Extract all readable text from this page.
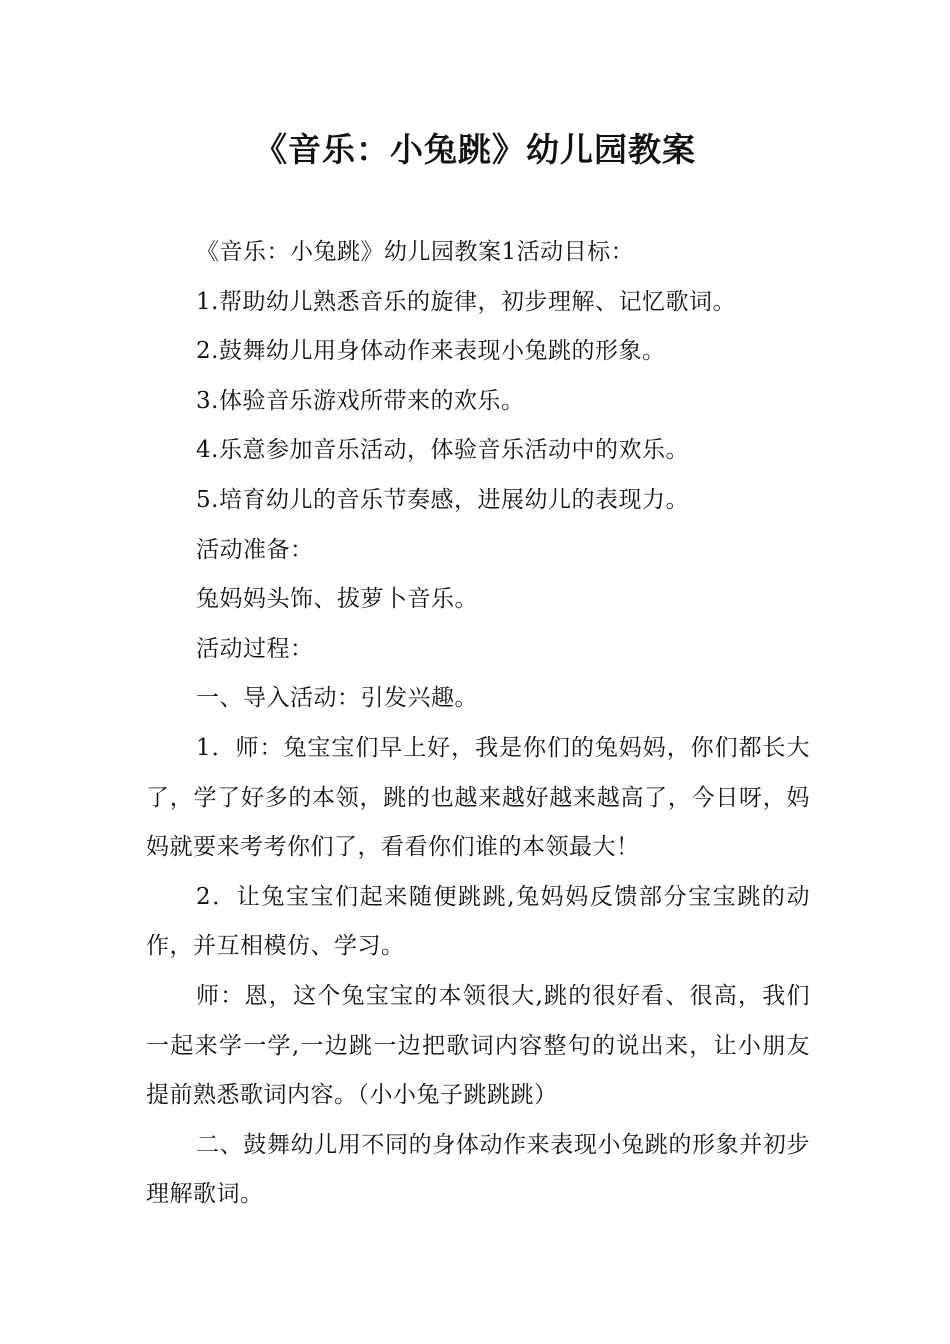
《音乐：小兔跳》幼儿园教案

《音乐：小兔跳》幼儿园教案1活动目标：

1.帮助幼儿熟悉音乐的旋律，初步理解、记忆歌词。

2.鼓舞幼儿用身体动作来表现小兔跳的形象。

3.体验音乐游戏所带来的欢乐。

4.乐意参加音乐活动，体验音乐活动中的欢乐。

5.培育幼儿的音乐节奏感，进展幼儿的表现力。

活动准备：

兔妈妈头饰、拔萝卜音乐。

活动过程：

一、导入活动：引发兴趣。

1．师：兔宝宝们早上好，我是你们的兔妈妈，你们都长大了，学了好多的本领，跳的也越来越好越来越高了，今日呀，妈妈就要来考考你们了，看看你们谁的本领最大！

2．让兔宝宝们起来随便跳跳,兔妈妈反馈部分宝宝跳的动作，并互相模仿、学习。

师：恩，这个兔宝宝的本领很大,跳的很好看、很高，我们一起来学一学,一边跳一边把歌词内容整句的说出来，让小朋友提前熟悉歌词内容。（小小兔子跳跳跳）

二、鼓舞幼儿用不同的身体动作来表现小兔跳的形象并初步理解歌词。
